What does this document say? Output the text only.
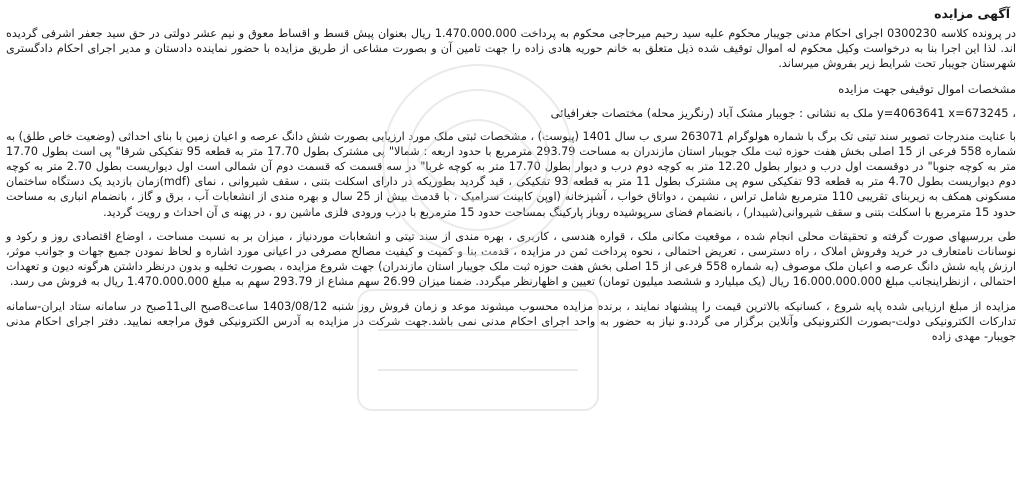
آگهی مزایده

در پرونده کلاسه 0300230 اجرای احکام مدنی جویبار محکوم علیه سید رحیم میرحاجی محکوم به پرداخت 1.470.000.000 ریال بعنوان پیش قسط و اقساط معوق و نیم عشر دولتی در حق سید جعفر اشرفی گردیده اند. لذا این اجرا بنا به درخواست وکیل محکوم له اموال توقیف شده ذیل متعلق به خانم حوریه هادی زاده را جهت تامین آن و بصورت مشاعی از طریق مزایده با حضور نماینده دادستان و مدیر اجرای احکام دادگستری شهرستان جویبار تحت شرایط زیر بفروش میرساند.

مشخصات اموال توقیفی جهت مزایده
، y=4063641 x=673245 ملک به نشانی : جویبار مشک آباد (رنگریز محله) مختصات جغرافیائی

با عنایت مندرجات تصویر سند تیتی تک برگ با شماره هولوگرام 263071 سری ب سال 1401 (پیوست) ، مشخصات ثبتی ملک مورد ارزیابی بصورت شش دانگ عرصه و اعیان زمین با بنای احداثی (وضعیت خاص طلق) به شماره 558 فرعی از 15 اصلی بخش هفت حوزه ثبت ملک جویبار استان مازندران به مساحت 293.79 مترمربع با حدود اربعه : شمالا" پی مشترک بطول 17.70 متر به قطعه 95 تفکیکی شرقا" پی است بطول 17.70 متر به کوچه جنوبا" در دوقسمت اول درب و دیوار بطول 12.20 متر به کوچه دوم درب و دیوار بطول 17.70 متر به کوچه غربا" در سه قسمت که قسمت دوم آن شمالی است اول دیواریست بطول 2.70 متر به کوچه دوم دیواریست بطول 4.70 متر به قطعه 93 تفکیکی سوم پی مشترک بطول 11 متر به قطعه 93 تفکیکی ، قید گردید بطوریکه در دارای اسکلت بتنی ، سقف شیروانی ، نمای (mdf)زمان بازدید یک دستگاه ساختمان مسکونی همکف به زیربنای تقریبی 110 مترمربع شامل تراس ، نشیمن ، دواتاق خواب ، آشپزخانه (اوپن کابینت سرامیک ، با قدمت بیش از 25 سال و بهره مندی از انشعابات آب ، برق و گاز ، بانضمام انباری به مساحت حدود 15 مترمربع با اسکلت بتنی و سقف شیروانی(شیبدار) ، بانضمام فضای سرپوشیده روباز پارکینگ بمساحت حدود 15 مترمربع با درب ورودی فلزی ماشین رو ، در پهنه ی آن احداث و رویت گردید.

طی بررسیهای صورت گرفته و تحقیقات محلی انجام شده ، موقعیت مکانی ملک ، قواره هندسی ، کاربری ، بهره مندی از سند تیتی و انشعابات موردنیاز ، میزان بر به نسبت مساحت ، اوضاع اقتصادی روز و رکود و نوسانات نامتعارف در خرید وفروش املاک ، راه دسترسی ، تعریض احتمالی ، نحوه پرداخت ثمن در مزایده ، قدمت بنا و کمیت و کیفیت مصالح مصرفی در اعیانی مورد اشاره و لحاظ نمودن جمیع جهات و جوانب موثر، ارزش پایه شش دانگ عرصه و اعیان ملک موصوف (به شماره 558 فرعی از 15 اصلی بخش هفت حوزه ثبت ملک جویبار استان مازندران) جهت شروع مزایده ، بصورت تخلیه و بدون درنظر داشتن هرگونه دیون و تعهدات احتمالی ، ازنظراینجانب مبلغ 16.000.000.000 ریال (یک میلیارد و ششصد میلیون تومان) تعیین و اظهارنظر میگردد. ضمنا میزان 26.99 سهم مشاع از 293.79 سهم به مبلغ 1.470.000.000 ریال به فروش می رسد.

مزایده از مبلغ ارزیابی شده پایه شروع ، کسانیکه بالاترین قیمت را پیشنهاد نمایند ، برنده مزایده محسوب میشوند موعد و زمان فروش روز شنبه 1403/08/12 ساعت8صبح الی11صبح در سامانه ستاد ایران-سامانه تدارکات الکترونیکی دولت-بصورت الکترونیکی وآنلاین برگزار می گردد.و نیاز به حضور به واحد اجرای احکام مدنی نمی باشد.جهت شرکت در مزایده به آدرس الکترونیکی فوق مراجعه نمایید. دفتر اجرای احکام مدنی جویبار- مهدی زاده
